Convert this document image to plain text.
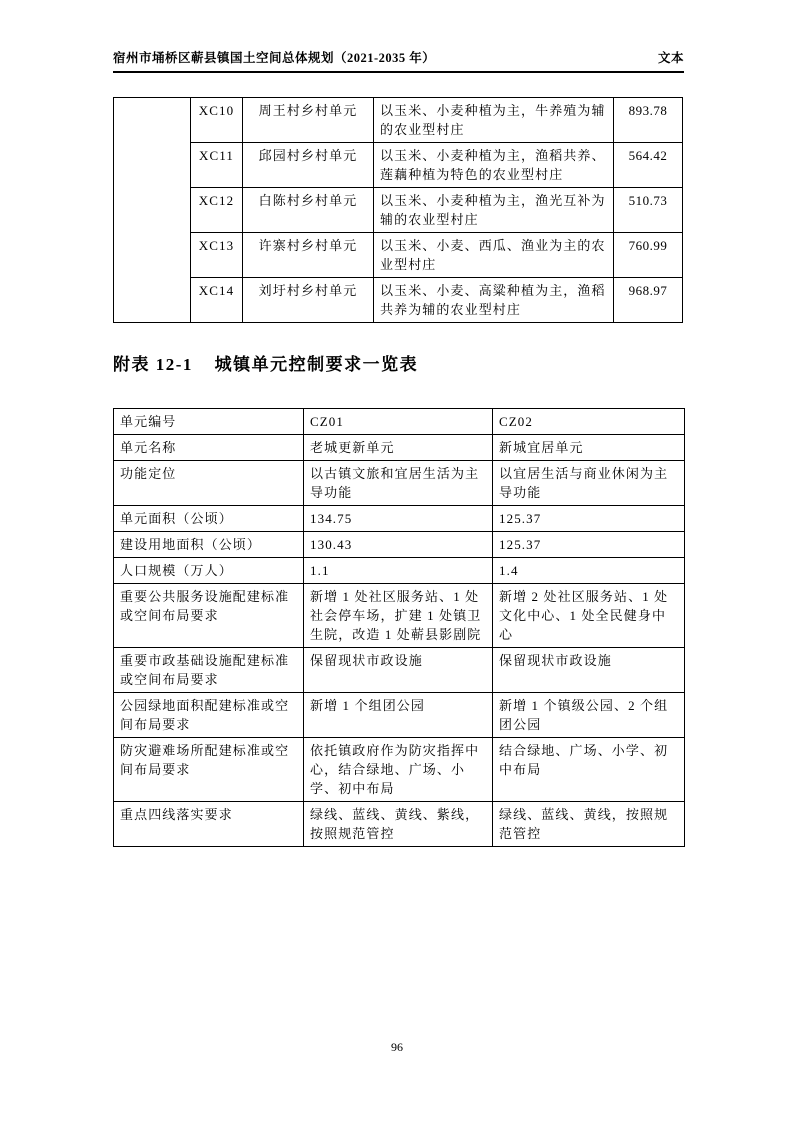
宿州市埇桥区蕲县镇国土空间总体规划（2021-2035 年）	文本
	XC10	周王村乡村单元	以玉米、小麦种植为主，牛养殖为辅的农业型村庄	893.78
	XC11	邱园村乡村单元	以玉米、小麦种植为主，渔稻共养、莲藕种植为特色的农业型村庄	564.42
	XC12	白陈村乡村单元	以玉米、小麦种植为主，渔光互补为辅的农业型村庄	510.73
	XC13	许寨村乡村单元	以玉米、小麦、西瓜、渔业为主的农业型村庄	760.99
	XC14	刘圩村乡村单元	以玉米、小麦、高粱种植为主，渔稻共养为辅的农业型村庄	968.97
附表 12-1 城镇单元控制要求一览表
单元编号	CZ01	CZ02
单元名称	老城更新单元	新城宜居单元
功能定位	以古镇文旅和宜居生活为主导功能	以宜居生活与商业休闲为主导功能
单元面积（公顷）	134.75	125.37
建设用地面积（公顷）	130.43	125.37
人口规模（万人）	1.1	1.4
重要公共服务设施配建标准或空间布局要求	新增 1 处社区服务站、1 处社会停车场，扩建 1 处镇卫生院，改造 1 处蕲县影剧院	新增 2 处社区服务站、1 处文化中心、1 处全民健身中心
重要市政基础设施配建标准或空间布局要求	保留现状市政设施	保留现状市政设施
公园绿地面积配建标准或空间布局要求	新增 1 个组团公园	新增 1 个镇级公园、2 个组团公园
防灾避难场所配建标准或空间布局要求	依托镇政府作为防灾指挥中心，结合绿地、广场、小学、初中布局	结合绿地、广场、小学、初中布局
重点四线落实要求	绿线、蓝线、黄线、紫线，按照规范管控	绿线、蓝线、黄线，按照规范管控
96
